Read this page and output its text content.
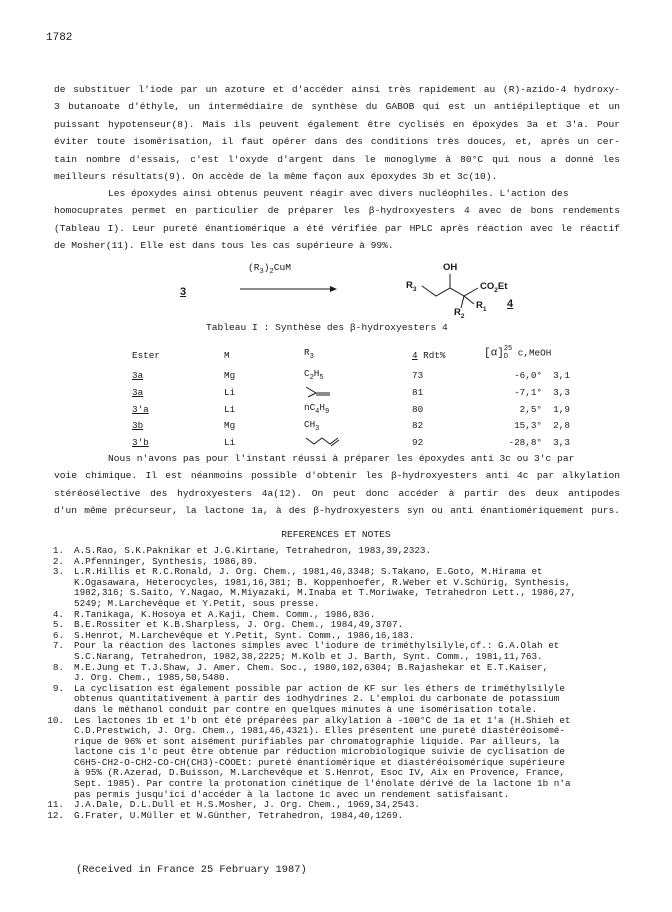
1782
de substituer l'iode par un azoture et d'accéder ainsi très rapidement au (R)-azido-4 hydroxy-
3 butanoate d'éthyle, un intermédiaire de synthèse du GABOB qui est un antiépileptique et un
puissant hypotenseur(8). Mais ils peuvent également être cyclisés en époxydes 3a et 3'a. Pour
éviter toute isomérisation, il faut opérer dans des conditions très douces, et, après un cer-
tain nombre d'essais, c'est l'oxyde d'argent dans le monoglyme à 80°C qui nous a donné les
meilleurs résultats(9). On accède de la même façon aux époxydes 3b et 3c(10).
Les époxydes ainsi obtenus peuvent réagir avec divers nucléophiles. L'action des
homocuprates permet en particulier de préparer les β-hydroxyesters 4 avec de bons rendements
(Tableau I). Leur pureté énantiomérique a été vérifiée par HPLC après réaction avec le réactif
de Mosher(11). Elle est dans tous les cas supérieure à 99%.
3
$(R_3)_2CuM$	OH
$R_3$	$CO_2Et$
$R_2$
$R_1$ 4
Tableau I : Synthèse des β-hydroxyesters 4
Ester	M	$R_3$	4 Rdt%	[α]25
D c,MeOH
3a	Mg	$C_2H_5$	73	-6,0° 3,1
3a	Li		81	-7,1° 3,3
3'a	Li	$nC_4H_9$	80	2,5° 1,9
3b	Mg	$CH_3$	82	15,3° 2,8
3'b	Li		92	-28,8° 3,3
Nous n'avons pas pour l'instant réussi à préparer les époxydes anti 3c ou 3'c par
voie chimique. Il est néanmoins possible d'obtenir les β-hydroxyesters anti 4c par alkylation
stéréosélective des hydroxyesters 4a(12). On peut donc accéder à partir des deux antipodes
d'un même précurseur, la lactone 1a, à des β-hydroxyesters syn ou anti énantiomériquement purs.
REFERENCES ET NOTES
1. A.S.Rao, S.K.Paknikar et J.G.Kirtane, Tetrahedron, 1983,39,2323.
2. A.Pfenninger, Synthesis, 1986,89.
3. L.R.Hillis et R.C.Ronald, J. Org. Chem., 1981,46,3348; S.Takano, E.Goto, M.Hirama et
K.Ogasawara, Heterocycles, 1981,16,381; B. Koppenhoefer, R.Weber et V.Schürig, Synthesis,
1982,316; S.Saito, Y.Nagao, M.Miyazaki, M.Inaba et T.Moriwake, Tetrahedron Lett., 1986,27,
5249; M.Larchevêque et Y.Petit, sous presse.
4. R.Tanikaga, K.Hosoya et A.Kaji, Chem. Comm., 1986,836.
5. B.E.Rossiter et K.B.Sharpless, J. Org. Chem., 1984,49,3707.
6. S.Henrot, M.Larchevêque et Y.Petit, Synt. Comm., 1986,16,183.
7. Pour la réaction des lactones simples avec l'iodure de triméthylsilyle,cf.: G.A.Olah et
S.C.Narang, Tetrahedron, 1982,38,2225; M.Kolb et J. Barth, Synt. Comm., 1981,11,763.
8. M.E.Jung et T.J.Shaw, J. Amer. Chem. Soc., 1980,102,6304; B.Rajashekar et E.T.Kaiser,
J. Org. Chem., 1985,50,5480.
9. La cyclisation est également possible par action de KF sur les éthers de triméthylsilyle
obtenus quantitativement à partir des iodhydrines 2. L'emploi du carbonate de potassium
dans le méthanol conduit par contre en quelques minutes à une isomérisation totale.
10. Les lactones 1b et 1'b ont été préparées par alkylation à -100°C de 1a et 1'a (H.Shieh et
C.D.Prestwich, J. Org. Chem., 1981,46,4321). Elles présentent une pureté diastéréoisomé-
rique de 96% et sont aisément purifiables par chromatographie liquide. Par ailleurs, la
lactone cis 1'c peut être obtenue par réduction microbiologique suivie de cyclisation de
C6H5-CH2-O-CH2-CO-CH(CH3)-COOEt: pureté énantiomérique et diastéréoisomérique supérieure
à 95% (R.Azerad, D.Buisson, M.Larchevêque et S.Henrot, Esoc IV, Aix en Provence, France,
Sept. 1985). Par contre la protonation cinétique de l'énolate dérivé de la lactone 1b n'a
pas permis jusqu'ici d'accéder à la lactone 1c avec un rendement satisfaisant.
11. J.A.Dale, D.L.Dull et H.S.Mosher, J. Org. Chem., 1969,34,2543.
12. G.Frater, U.Müller et W.Günther, Tetrahedron, 1984,40,1269.
(Received in France 25 February 1987)
